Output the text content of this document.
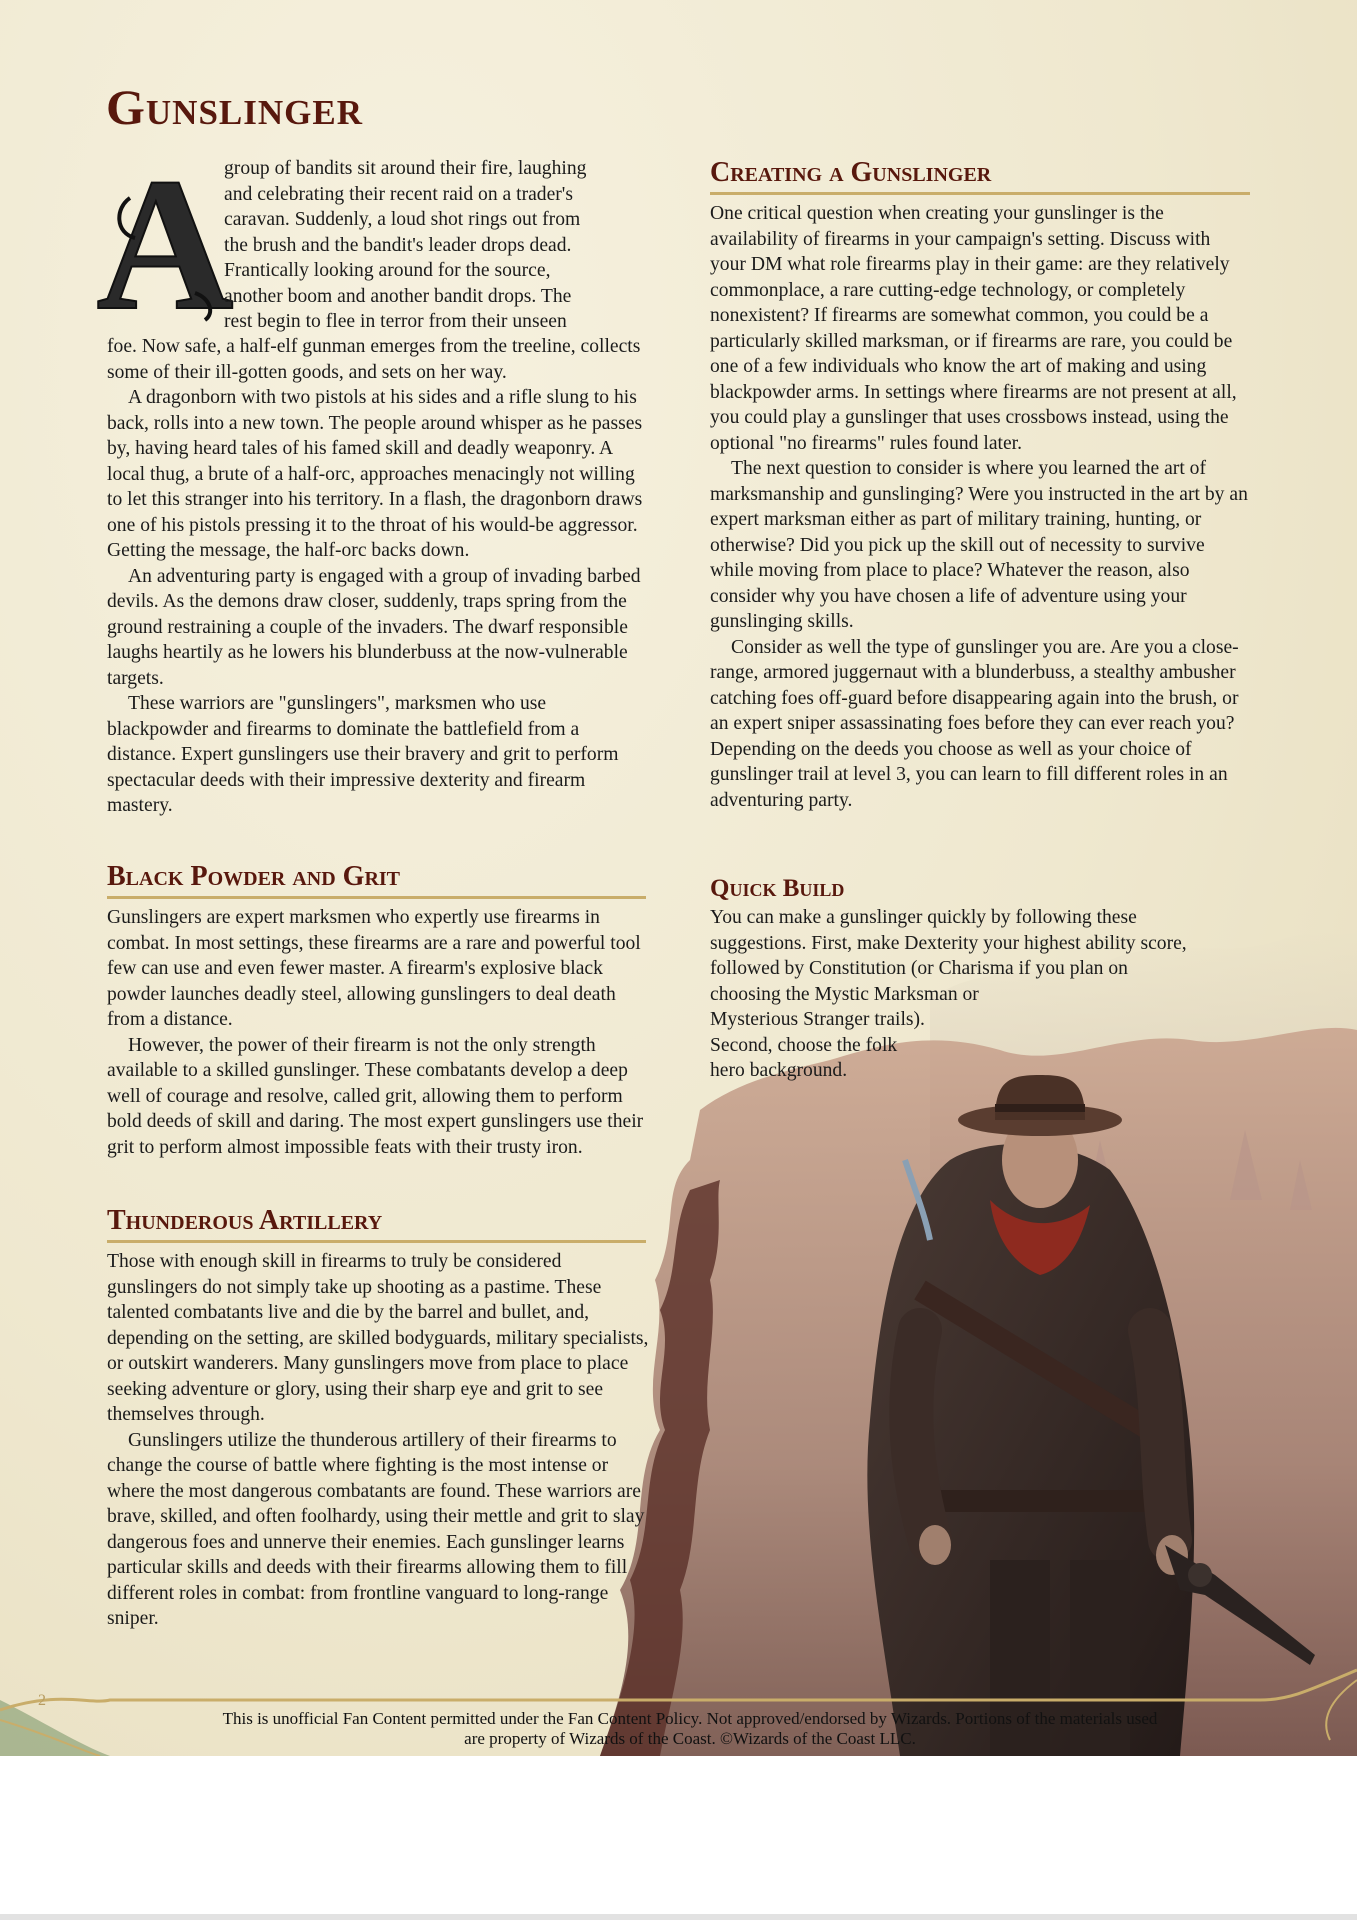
Gunslinger
A
group of bandits sit around their fire, laughing
and celebrating their recent raid on a trader's
caravan. Suddenly, a loud shot rings out from
the brush and the bandit's leader drops dead.
Frantically looking around for the source,
another boom and another bandit drops. The
rest begin to flee in terror from their unseen

foe. Now safe, a half-elf gunman emerges from the treeline, collects some of their ill-gotten goods, and sets on her way.

A dragonborn with two pistols at his sides and a rifle slung to his back, rolls into a new town. The people around whisper as he passes by, having heard tales of his famed skill and deadly weaponry. A local thug, a brute of a half-orc, approaches menacingly not willing to let this stranger into his territory. In a flash, the dragonborn draws one of his pistols pressing it to the throat of his would-be aggressor. Getting the message, the half-orc backs down.

An adventuring party is engaged with a group of invading barbed devils. As the demons draw closer, suddenly, traps spring from the ground restraining a couple of the invaders. The dwarf responsible laughs heartily as he lowers his blunderbuss at the now-vulnerable targets.

These warriors are "gunslingers", marksmen who use blackpowder and firearms to dominate the battlefield from a distance. Expert gunslingers use their bravery and grit to perform spectacular deeds with their impressive dexterity and firearm mastery.

Black Powder and Grit

Gunslingers are expert marksmen who expertly use firearms in combat. In most settings, these firearms are a rare and powerful tool few can use and even fewer master. A firearm's explosive black powder launches deadly steel, allowing gunslingers to deal death from a distance.

However, the power of their firearm is not the only strength available to a skilled gunslinger. These combatants develop a deep well of courage and resolve, called grit, allowing them to perform bold deeds of skill and daring. The most expert gunslingers use their grit to perform almost impossible feats with their trusty iron.

Thunderous Artillery

Those with enough skill in firearms to truly be considered gunslingers do not simply take up shooting as a pastime. These talented combatants live and die by the barrel and bullet, and, depending on the setting, are skilled bodyguards, military specialists, or outskirt wanderers. Many gunslingers move from place to place seeking adventure or glory, using their sharp eye and grit to see themselves through.

Gunslingers utilize the thunderous artillery of their firearms to change the course of battle where fighting is the most intense or where the most dangerous combatants are found. These warriors are brave, skilled, and often foolhardy, using their mettle and grit to slay dangerous foes and unnerve their enemies. Each gunslinger learns particular skills and deeds with their firearms allowing them to fill different roles in combat: from frontline vanguard to long-range sniper.

Creating a Gunslinger

One critical question when creating your gunslinger is the availability of firearms in your campaign's setting. Discuss with your DM what role firearms play in their game: are they relatively commonplace, a rare cutting-edge technology, or completely nonexistent? If firearms are somewhat common, you could be a particularly skilled marksman, or if firearms are rare, you could be one of a few individuals who know the art of making and using blackpowder arms. In settings where firearms are not present at all, you could play a gunslinger that uses crossbows instead, using the optional "no firearms" rules found later.

The next question to consider is where you learned the art of marksmanship and gunslinging? Were you instructed in the art by an expert marksman either as part of military training, hunting, or otherwise? Did you pick up the skill out of necessity to survive while moving from place to place? Whatever the reason, also consider why you have chosen a life of adventure using your gunslinging skills.

Consider as well the type of gunslinger you are. Are you a close-range, armored juggernaut with a blunderbuss, a stealthy ambusher catching foes off-guard before disappearing again into the brush, or an expert sniper assassinating foes before they can ever reach you? Depending on the deeds you choose as well as your choice of gunslinger trail at level 3, you can learn to fill different roles in an adventuring party.

Quick Build
You can make a gunslinger quickly by following these
suggestions. First, make Dexterity your highest ability score,
followed by Constitution (or Charisma if you plan on
choosing the Mystic Marksman or
Mysterious Stranger trails).
Second, choose the folk
hero background.
2
This is unofficial Fan Content permitted under the Fan Content Policy. Not approved/endorsed by Wizards. Portions of the materials used
are property of Wizards of the Coast. ©Wizards of the Coast LLC.
